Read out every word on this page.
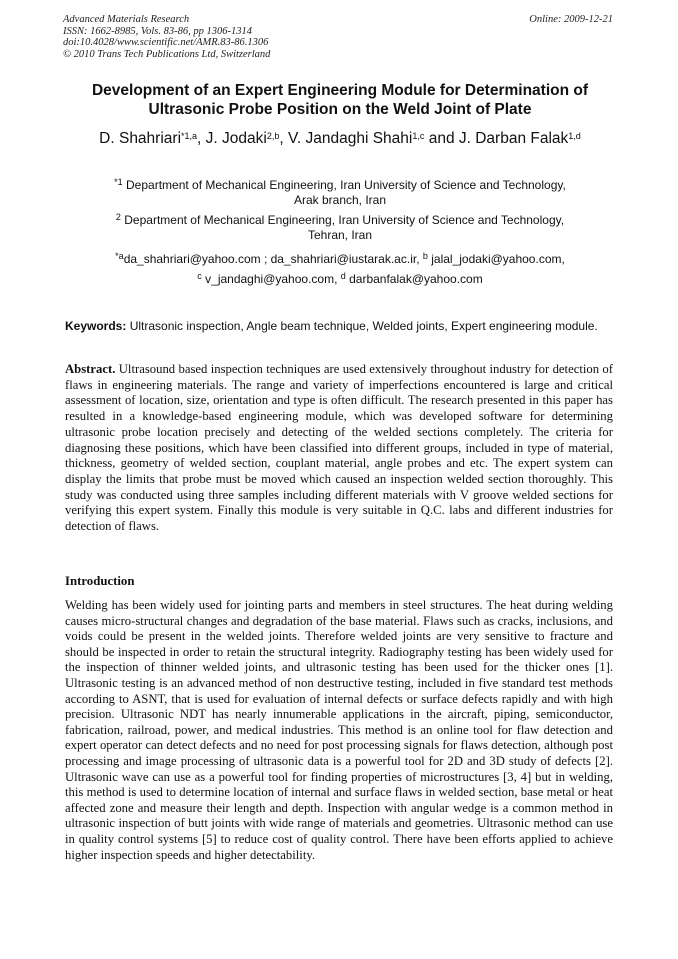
Advanced Materials Research
ISSN: 1662-8985, Vols. 83-86, pp 1306-1314
doi:10.4028/www.scientific.net/AMR.83-86.1306
© 2010 Trans Tech Publications Ltd, Switzerland
Online: 2009-12-21
Development of an Expert Engineering Module for Determination of Ultrasonic Probe Position on the Weld Joint of Plate
D. Shahriari$^{*1,a}$, J. Jodaki$^{2,b}$, V. Jandaghi Shahi$^{1,c}$ and J. Darban Falak$^{1,d}$
$^{*1}$ Department of Mechanical Engineering, Iran University of Science and Technology,
Arak branch, Iran
$^2$ Department of Mechanical Engineering, Iran University of Science and Technology,
Tehran, Iran
$^{*a}$da_shahriari@yahoo.com ; da_shahriari@iustarak.ac.ir, $^b$ jalal_jodaki@yahoo.com,
$^c$ v_jandaghi@yahoo.com, $^d$ darbanfalak@yahoo.com
Keywords: Ultrasonic inspection, Angle beam technique, Welded joints, Expert engineering module.
Abstract. Ultrasound based inspection techniques are used extensively throughout industry for detection of flaws in engineering materials. The range and variety of imperfections encountered is large and critical assessment of location, size, orientation and type is often difficult. The research presented in this paper has resulted in a knowledge-based engineering module, which was developed software for determining ultrasonic probe location precisely and detecting of the welded sections completely. The criteria for diagnosing these positions, which have been classified into different groups, included in type of material, thickness, geometry of welded section, couplant material, angle probes and etc. The expert system can display the limits that probe must be moved which caused an inspection welded section thoroughly. This study was conducted using three samples including different materials with V groove welded sections for verifying this expert system. Finally this module is very suitable in Q.C. labs and different industries for detection of flaws.
Introduction
Welding has been widely used for jointing parts and members in steel structures. The heat during welding causes micro-structural changes and degradation of the base material. Flaws such as cracks, inclusions, and voids could be present in the welded joints. Therefore welded joints are very sensitive to fracture and should be inspected in order to retain the structural integrity. Radiography testing has been widely used for the inspection of thinner welded joints, and ultrasonic testing has been used for the thicker ones [1]. Ultrasonic testing is an advanced method of non destructive testing, included in five standard test methods according to ASNT, that is used for evaluation of internal defects or surface defects rapidly and with high precision. Ultrasonic NDT has nearly innumerable applications in the aircraft, piping, semiconductor, fabrication, railroad, power, and medical industries. This method is an online tool for flaw detection and expert operator can detect defects and no need for post processing signals for flaws detection, although post processing and image processing of ultrasonic data is a powerful tool for 2D and 3D study of defects [2]. Ultrasonic wave can use as a powerful tool for finding properties of microstructures [3, 4] but in welding, this method is used to determine location of internal and surface flaws in welded section, base metal or heat affected zone and measure their length and depth. Inspection with angular wedge is a common method in ultrasonic inspection of butt joints with wide range of materials and geometries. Ultrasonic method can use in quality control systems [5] to reduce cost of quality control. There have been efforts applied to achieve higher inspection speeds and higher detectability.
